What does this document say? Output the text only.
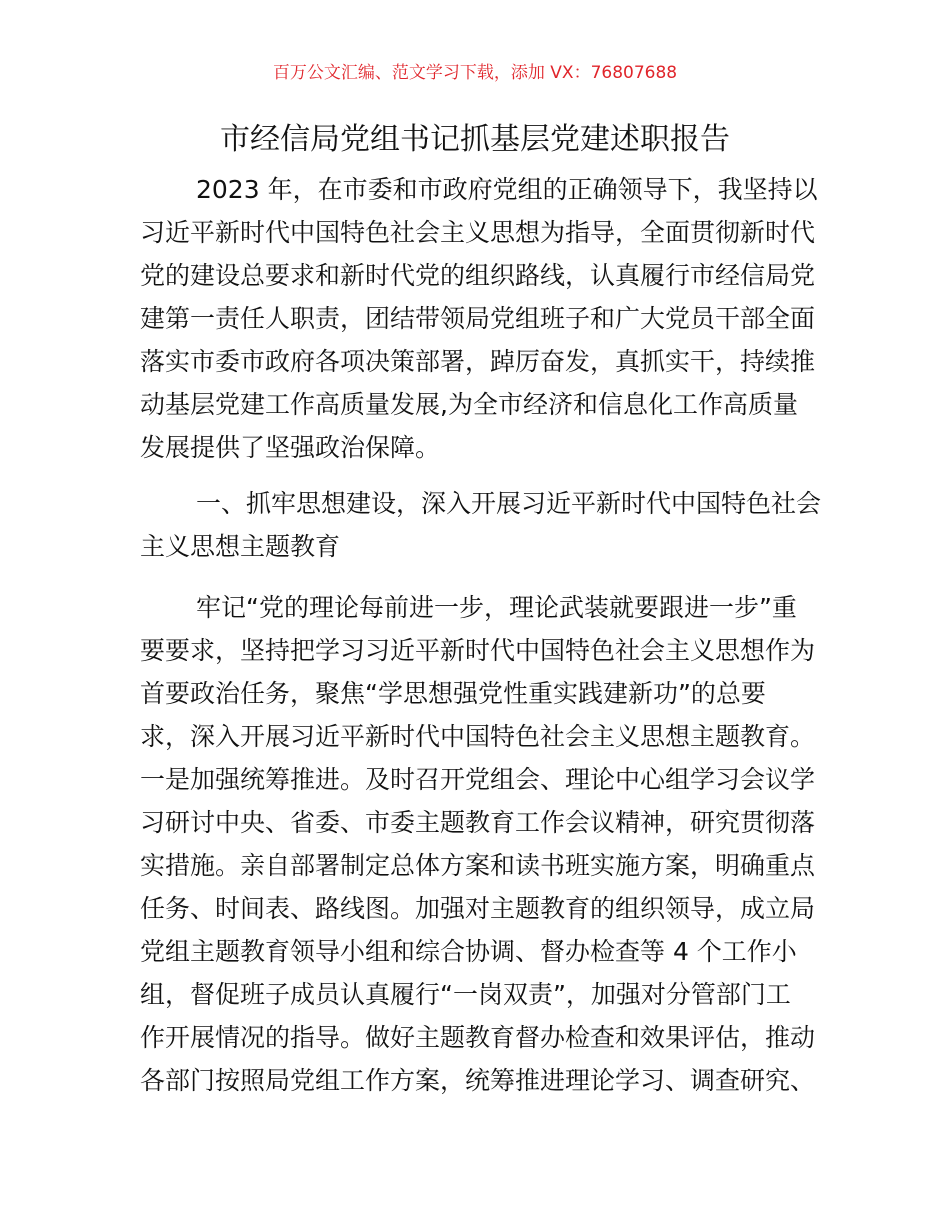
百万公文汇编、范文学习下载，添加 VX：76807688
市经信局党组书记抓基层党建述职报告
2023 年，在市委和市政府党组的正确领导下，我坚持以
习近平新时代中国特色社会主义思想为指导，全面贯彻新时代
党的建设总要求和新时代党的组织路线，认真履行市经信局党
建第一责任人职责，团结带领局党组班子和广大党员干部全面
落实市委市政府各项决策部署，踔厉奋发，真抓实干，持续推
动基层党建工作高质量发展,为全市经济和信息化工作高质量
发展提供了坚强政治保障。
一、抓牢思想建设，深入开展习近平新时代中国特色社会
主义思想主题教育
牢记“党的理论每前进一步，理论武装就要跟进一步”重
要要求，坚持把学习习近平新时代中国特色社会主义思想作为
首要政治任务，聚焦“学思想强党性重实践建新功”的总要
求，深入开展习近平新时代中国特色社会主义思想主题教育。
一是加强统筹推进。及时召开党组会、理论中心组学习会议学
习研讨中央、省委、市委主题教育工作会议精神，研究贯彻落
实措施。亲自部署制定总体方案和读书班实施方案，明确重点
任务、时间表、路线图。加强对主题教育的组织领导，成立局
党组主题教育领导小组和综合协调、督办检查等 4 个工作小
组，督促班子成员认真履行“一岗双责”，加强对分管部门工
作开展情况的指导。做好主题教育督办检查和效果评估，推动
各部门按照局党组工作方案，统筹推进理论学习、调查研究、
